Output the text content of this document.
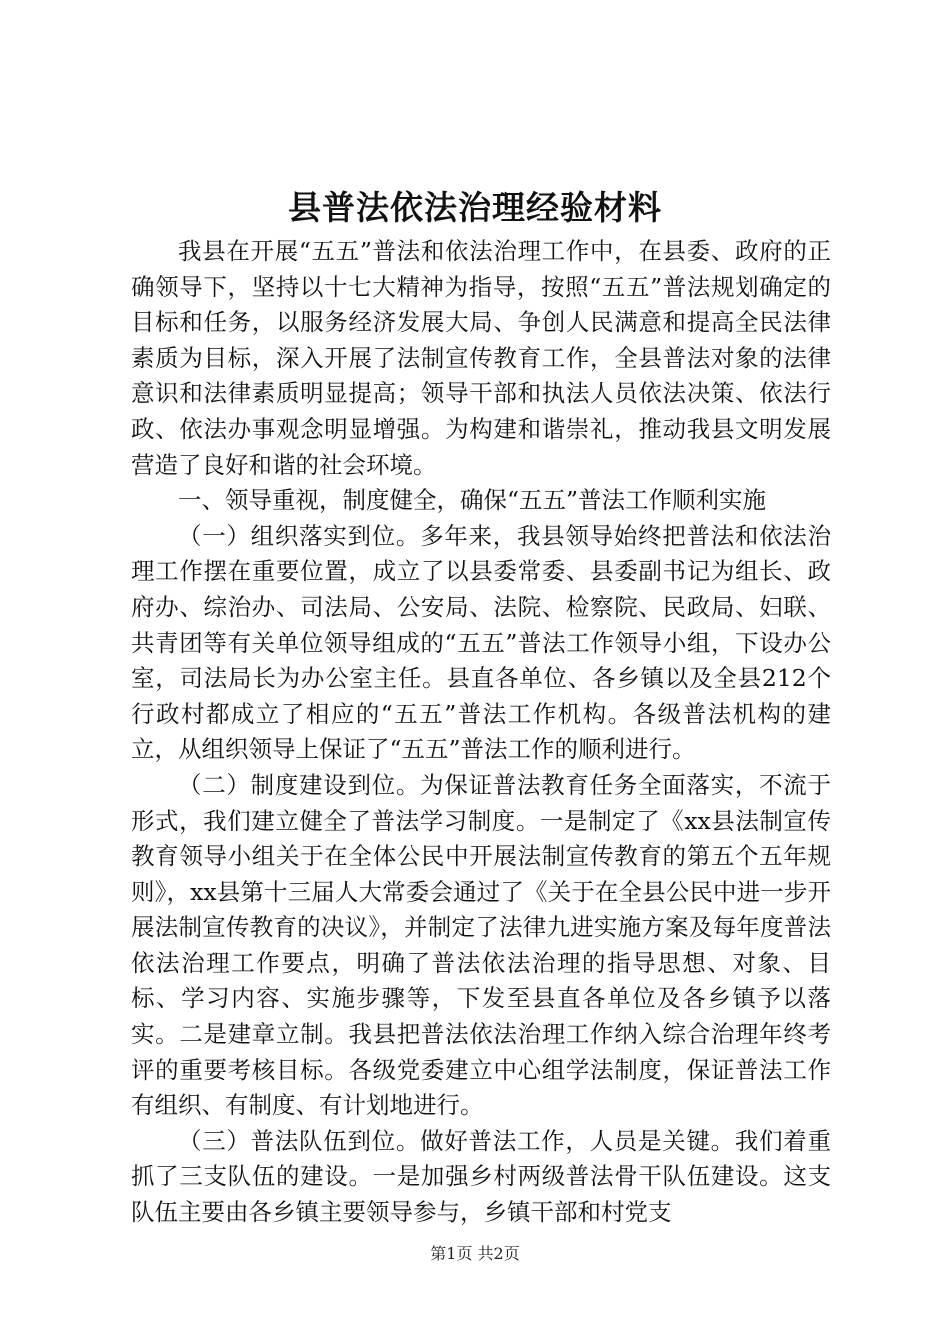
县普法依法治理经验材料

我县在开展“五五”普法和依法治理工作中，在县委、政府的正确领导下，坚持以十七大精神为指导，按照“五五”普法规划确定的目标和任务，以服务经济发展大局、争创人民满意和提高全民法律素质为目标，深入开展了法制宣传教育工作，全县普法对象的法律意识和法律素质明显提高；领导干部和执法人员依法决策、依法行政、依法办事观念明显增强。为构建和谐崇礼，推动我县文明发展营造了良好和谐的社会环境。

一、领导重视，制度健全，确保“五五”普法工作顺利实施

（一）组织落实到位。多年来，我县领导始终把普法和依法治理工作摆在重要位置，成立了以县委常委、县委副书记为组长、政府办、综治办、司法局、公安局、法院、检察院、民政局、妇联、共青团等有关单位领导组成的“五五”普法工作领导小组，下设办公室，司法局长为办公室主任。县直各单位、各乡镇以及全县212个行政村都成立了相应的“五五”普法工作机构。各级普法机构的建立，从组织领导上保证了“五五”普法工作的顺利进行。

（二）制度建设到位。为保证普法教育任务全面落实，不流于形式，我们建立健全了普法学习制度。一是制定了《xx县法制宣传教育领导小组关于在全体公民中开展法制宣传教育的第五个五年规则》，xx县第十三届人大常委会通过了《关于在全县公民中进一步开展法制宣传教育的决议》，并制定了法律九进实施方案及每年度普法依法治理工作要点，明确了普法依法治理的指导思想、对象、目标、学习内容、实施步骤等，下发至县直各单位及各乡镇予以落实。二是建章立制。我县把普法依法治理工作纳入综合治理年终考评的重要考核目标。各级党委建立中心组学法制度，保证普法工作有组织、有制度、有计划地进行。

（三）普法队伍到位。做好普法工作，人员是关键。我们着重抓了三支队伍的建设。一是加强乡村两级普法骨干队伍建设。这支队伍主要由各乡镇主要领导参与，乡镇干部和村党支

第1页 共2页
